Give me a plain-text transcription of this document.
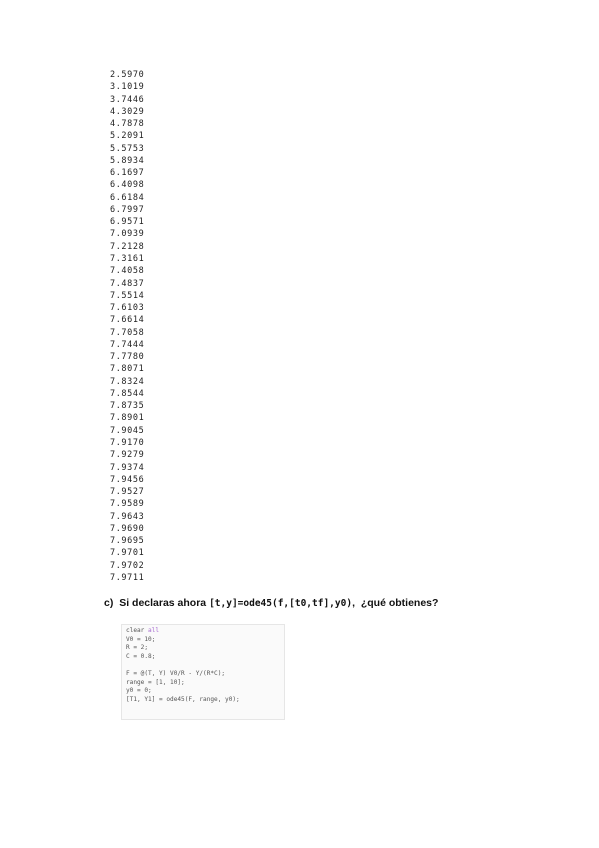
2.5970
3.1019
3.7446
4.3029
4.7878
5.2091
5.5753
5.8934
6.1697
6.4098
6.6184
6.7997
6.9571
7.0939
7.2128
7.3161
7.4058
7.4837
7.5514
7.6103
7.6614
7.7058
7.7444
7.7780
7.8071
7.8324
7.8544
7.8735
7.8901
7.9045
7.9170
7.9279
7.9374
7.9456
7.9527
7.9589
7.9643
7.9690
7.9695
7.9701
7.9702
7.9711
c) Si declaras ahora [t,y]=ode45(f,[t0,tf],y0),  ¿qué obtienes?
clear all
V0 = 10;
R = 2;
C = 0.8;

F = @(T, Y) V0/R - Y/(R*C);
range = [1, 10];
y0 = 0;
[T1, Y1] = ode45(F, range, y0);
